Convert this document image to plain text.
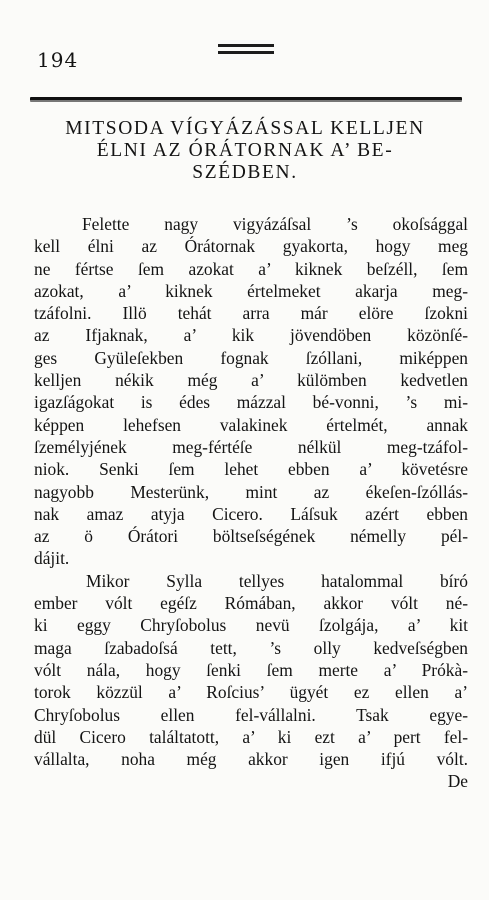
194
MITSODA VÍGYÁZÁSSAL KELLJEN
ÉLNI AZ ÓRÁTORNAK A’ BE-
SZÉDBEN.
Felette nagy vigyázáſsal ’s okoſsággal
kell élni az Órátornak gyakorta, hogy meg
ne fértse ſem azokat a’ kiknek beſzéll, ſem
azokat, a’ kiknek értelmeket akarja meg-
tzáfolni. Illö tehát arra már elöre ſzokni
az Ifjaknak, a’ kik jövendöben közönſé-
ges Gyüleſekben fognak ſzóllani, miképpen
kelljen nékik még a’ külömben kedvetlen
igazſágokat is édes mázzal bé-vonni, ’s mi-
képpen lehefsen valakinek értelmét, annak
ſzemélyjének meg-fértéſe nélkül meg-tzáfol-
niok. Senki ſem lehet ebben a’ követésre
nagyobb Mesterünk, mint az ékeſen-ſzóllás-
nak amaz atyja Cicero. Láſsuk azért ebben
az ö Órátori böltseſségének némelly pél-
dájit.
Mikor Sylla tellyes hatalommal bíró
ember vólt egéſz Rómában, akkor vólt né-
ki eggy Chryſobolus nevü ſzolgája, a’ kit
maga ſzabadoſsá tett, ’s olly kedveſségben
vólt nála, hogy ſenki ſem merte a’ Prókà-
torok közzül a’ Roſcius’ ügyét ez ellen a’
Chryſobolus ellen fel-vállalni. Tsak egye-
dül Cicero találtatott, a’ ki ezt a’ pert fel-
vállalta, noha még akkor igen ifjú vólt.
De
